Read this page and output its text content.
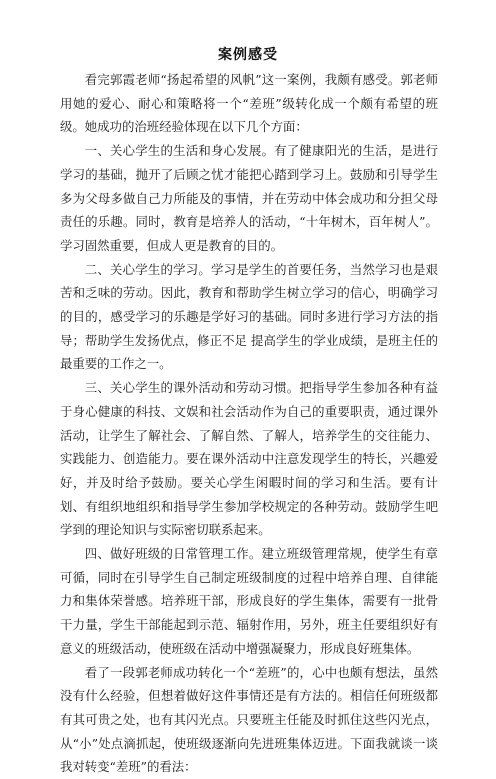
案例感受

看完郭霞老师“扬起希望的风帆”这一案例，我颇有感受。郭老师用她的爱心、耐心和策略将一个“差班”级转化成一个颇有希望的班级。她成功的治班经验体现在以下几个方面：

一、关心学生的生活和身心发展。有了健康阳光的生活，是进行学习的基础，抛开了后顾之忧才能把心踏到学习上。鼓励和引导学生多为父母多做自己力所能及的事情，并在劳动中体会成功和分担父母责任的乐趣。同时，教育是培养人的活动，“十年树木，百年树人”。学习固然重要，但成人更是教育的目的。

二、关心学生的学习。学习是学生的首要任务，当然学习也是艰苦和乏味的劳动。因此，教育和帮助学生树立学习的信心，明确学习的目的，感受学习的乐趣是学好习的基础。同时多进行学习方法的指导；帮助学生发扬优点，修正不足 提高学生的学业成绩，是班主任的最重要的工作之一。

三、关心学生的课外活动和劳动习惯。把指导学生参加各种有益于身心健康的科技、文娱和社会活动作为自己的重要职责，通过课外活动，让学生了解社会、了解自然、了解人，培养学生的交往能力、实践能力、创造能力。要在课外活动中注意发现学生的特长，兴趣爱好，并及时给予鼓励。要关心学生闲暇时间的学习和生活。要有计划、有组织地组织和指导学生参加学校规定的各种劳动。鼓励学生吧学到的理论知识与实际密切联系起来。

四、做好班级的日常管理工作。建立班级管理常规，使学生有章可循，同时在引导学生自己制定班级制度的过程中培养自理、自律能力和集体荣誉感。培养班干部，形成良好的学生集体，需要有一批骨干力量，学生干部能起到示范、辐射作用，另外，班主任要组织好有意义的班级活动，使班级在活动中增强凝聚力，形成良好班集体。

看了一段郭老师成功转化一个“差班”的，心中也颇有想法，虽然没有什么经验，但想着做好这件事情还是有方法的。相信任何班级都有其可贵之处，也有其闪光点。只要班主任能及时抓住这些闪光点，从“小”处点滴抓起，使班级逐渐向先进班集体迈进。下面我就谈一谈我对转变“差班”的看法：
